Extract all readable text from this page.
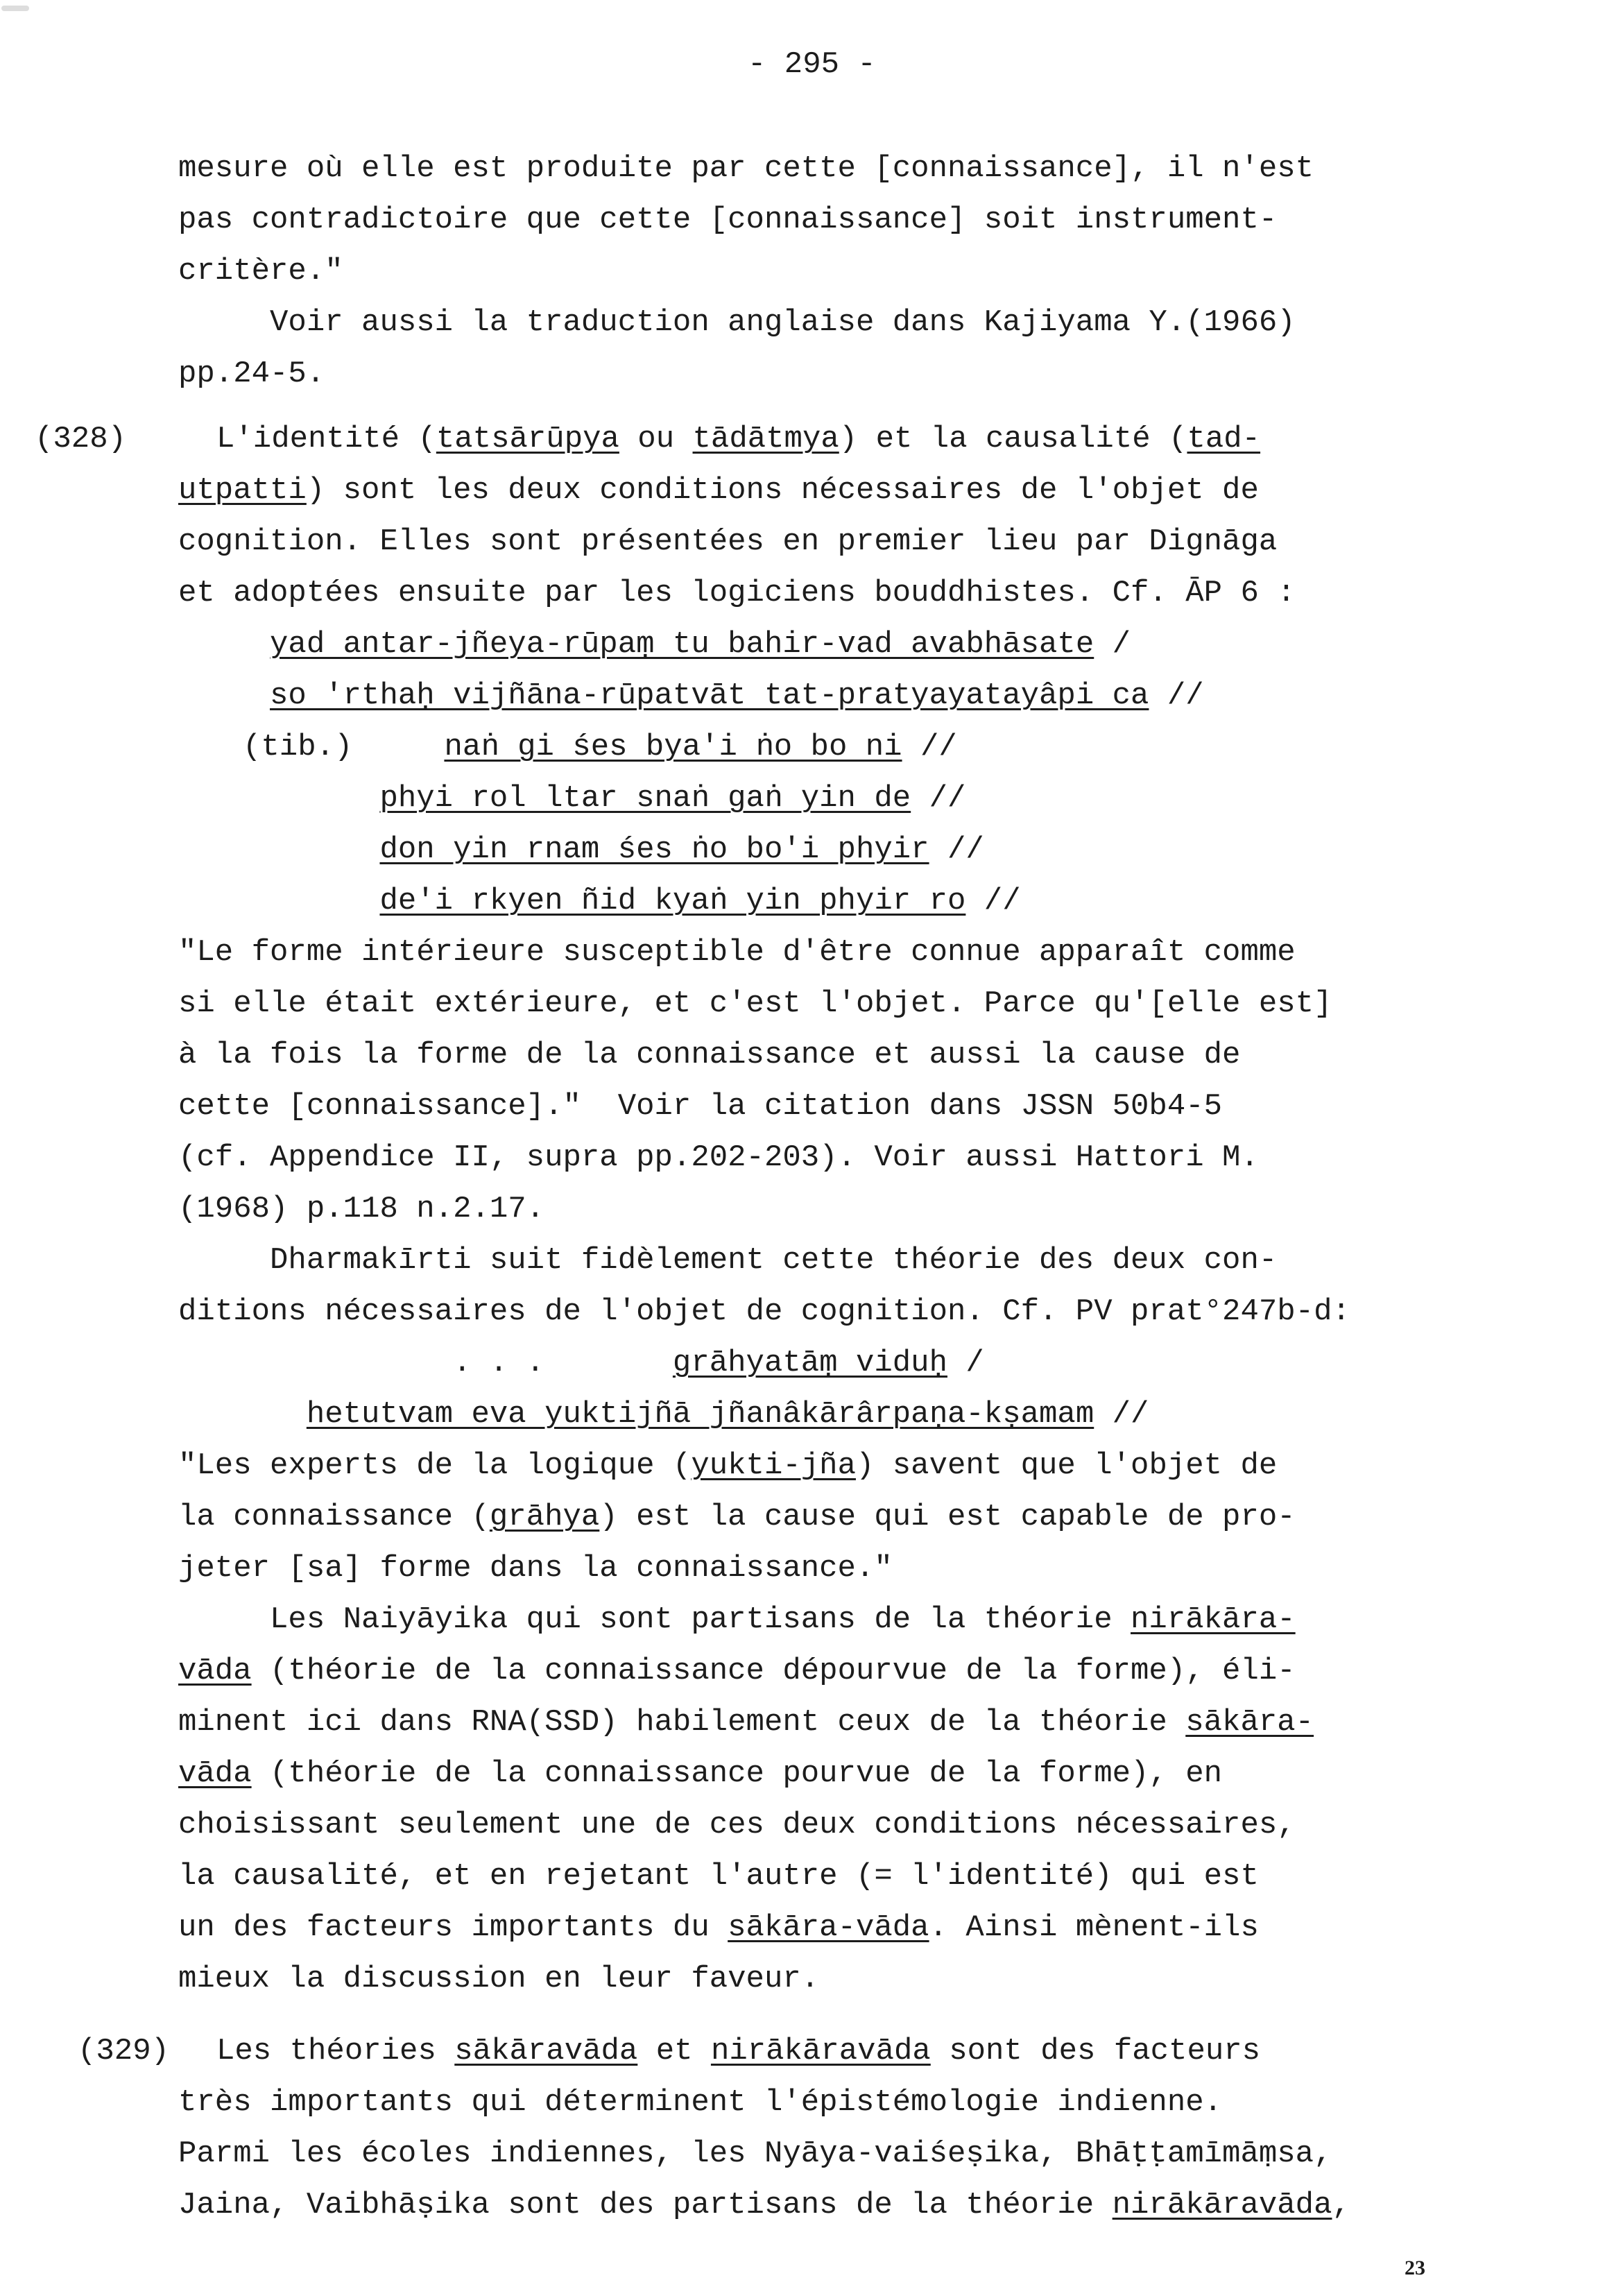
- 295 -
mesure où elle est produite par cette [connaissance], il n'est
pas contradictoire que cette [connaissance] soit instrument-
critère."
Voir aussi la traduction anglaise dans Kajiyama Y.(1966)
pp.24-5.
L'identité (tatsārūpya ou tādātmya) et la causalité (tad-
utpatti) sont les deux conditions nécessaires de l'objet de
cognition. Elles sont présentées en premier lieu par Dignāga
et adoptées ensuite par les logiciens bouddhistes. Cf. ĀP 6 :
yad antar-jñeya-rūpaṃ tu bahir-vad avabhāsate /
so 'rthaḥ vijñāna-rūpatvāt tat-pratyayatayâpi ca //
(tib.)     naṅ gi śes bya'i ṅo bo ni //
phyi rol ltar snaṅ gaṅ yin de //
don yin rnam śes ṅo bo'i phyir //
de'i rkyen ñid kyaṅ yin phyir ro //
"Le forme intérieure susceptible d'être connue apparaît comme
si elle était extérieure, et c'est l'objet. Parce qu'[elle est]
à la fois la forme de la connaissance et aussi la cause de
cette [connaissance]."  Voir la citation dans JSSN 50b4-5
(cf. Appendice II, supra pp.202-203). Voir aussi Hattori M.
(1968) p.118 n.2.17.
Dharmakīrti suit fidèlement cette théorie des deux con-
ditions nécessaires de l'objet de cognition. Cf. PV prat°247b-d:
. . .       grāhyatāṃ viduḥ /
hetutvam eva yuktijñā jñanâkārârpaṇa-kṣamam //
"Les experts de la logique (yukti-jña) savent que l'objet de
la connaissance (grāhya) est la cause qui est capable de pro-
jeter [sa] forme dans la connaissance."
Les Naiyāyika qui sont partisans de la théorie nirākāra-
vāda (théorie de la connaissance dépourvue de la forme), éli-
minent ici dans RNA(SSD) habilement ceux de la théorie sākāra-
vāda (théorie de la connaissance pourvue de la forme), en
choisissant seulement une de ces deux conditions nécessaires,
la causalité, et en rejetant l'autre (= l'identité) qui est
un des facteurs importants du sākāra-vāda. Ainsi mènent-ils
mieux la discussion en leur faveur.
Les théories sākāravāda et nirākāravāda sont des facteurs
très importants qui déterminent l'épistémologie indienne.
Parmi les écoles indiennes, les Nyāya-vaiśeṣika, Bhāṭṭamīmāṃsa,
Jaina, Vaibhāṣika sont des partisans de la théorie nirākāravāda,
(328)
(329)
23
